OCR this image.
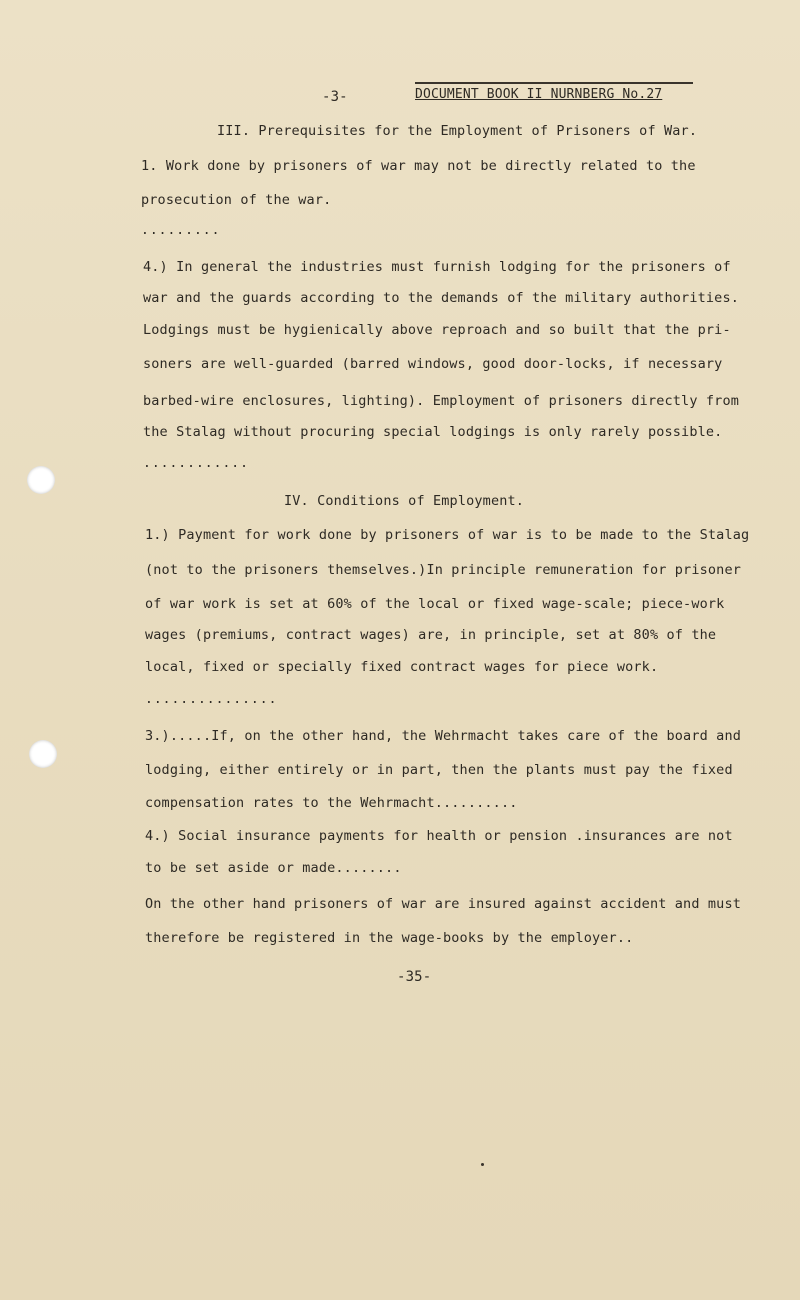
-3-	DOCUMENT BOOK II NURNBERG No.27
III. Prerequisites for the Employment of Prisoners of War.
1. Work done by prisoners of war may not be directly related to the
prosecution of the war.
.........
4.) In general the industries must furnish lodging for the prisoners of
war and the guards according to the demands of the military authorities.
Lodgings must be hygienically above reproach and so built that the pri-
soners are well-guarded (barred windows, good door-locks, if necessary
barbed-wire enclosures, lighting). Employment of prisoners directly from
the Stalag without procuring special lodgings is only rarely possible.
............
IV. Conditions of Employment.
1.) Payment for work done by prisoners of war is to be made to the Stalag
(not to the prisoners themselves.)In principle remuneration for prisoner
of war work is set at 60% of the local or fixed wage-scale; piece-work
wages (premiums, contract wages) are, in principle, set at 80% of the
local, fixed or specially fixed contract wages for piece work.
...............
3.).....If, on the other hand, the Wehrmacht takes care of the board and
lodging, either entirely or in part, then the plants must pay the fixed
compensation rates to the Wehrmacht..........
4.) Social insurance payments for health or pension .insurances are not
to be set aside or made........
On the other hand prisoners of war are insured against accident and must
therefore be registered in the wage-books by the employer..
-35-
